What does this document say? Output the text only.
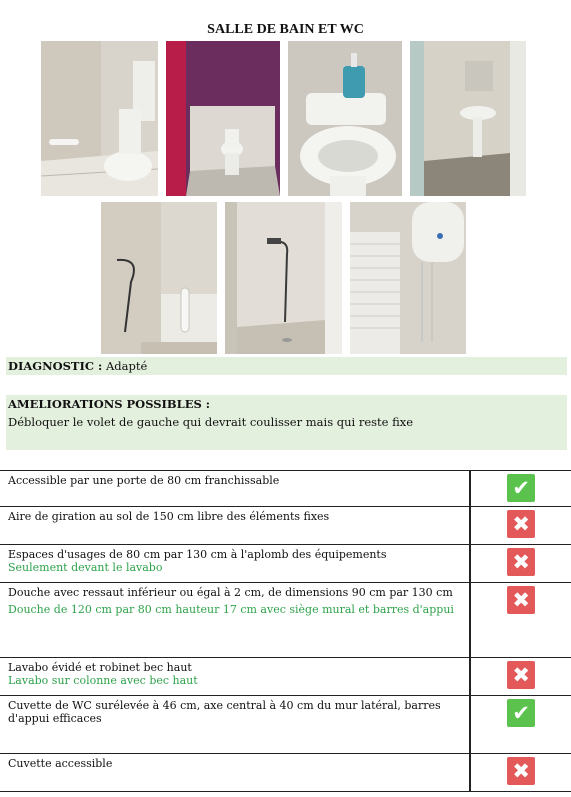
SALLE DE BAIN ET WC
DIAGNOSTIC : Adapté
AMELIORATIONS POSSIBLES :
Débloquer le volet de gauche qui devrait coulisser mais qui reste fixe
Accessible par une porte de 80 cm franchissable	✔

Aire de giration au sol de 150 cm libre des éléments fixes	✖

Espaces d'usages de 80 cm par 130 cm à l'aplomb des équipements
Seulement devant le lavabo	✖

Douche avec ressaut inférieur ou égal à 2 cm, de dimensions 90 cm par 130 cm
Douche de 120 cm par 80 cm hauteur 17 cm avec siège mural et barres d'appui	✖

Lavabo évidé et robinet bec haut
Lavabo sur colonne avec bec haut	✖

Cuvette de WC surélevée à 46 cm, axe central à 40 cm du mur latéral, barres d'appui efficaces	✔

Cuvette accessible	✖
